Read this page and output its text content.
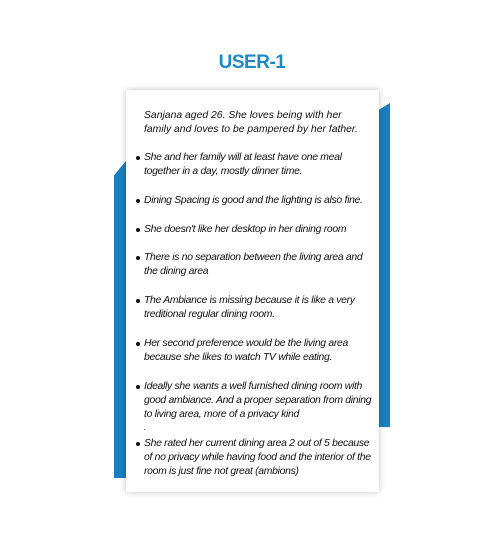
USER-1
Sanjana aged 26. She loves being with her family and loves to be pampered by her father.
She and her family will at least have one meal together in a day, mostly dinner time.
Dining Spacing is good and the lighting is also fine.
She doesn't like her desktop in her dining room
There is no separation between the living area and the dining area
The Ambiance is missing because it is like a very treditional regular dining room.
Her second preference would be the living area because she likes to watch TV while eating.
Ideally she wants a well furnished dining room with good ambiance. And a proper separation from dining to living area, more of a privacy kind
.
She rated her current dining area 2 out of 5 because of no privacy while having food and the interior of the room is just fine not great (ambions)
